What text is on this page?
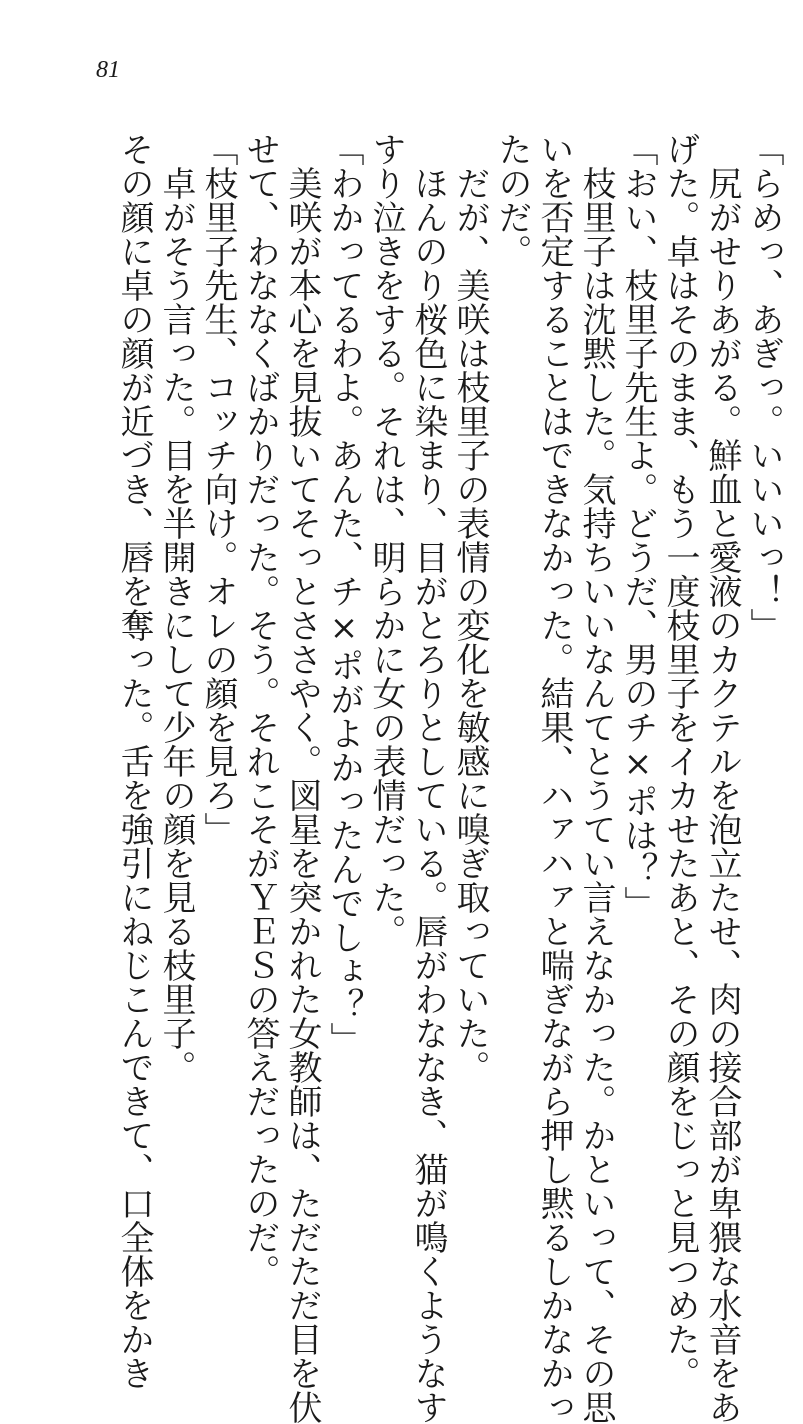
81

「らめっ、あぎっ。いいいっ！」

　尻がせりあがる。鮮血と愛液のカクテルを泡立たせ、肉の接合部が卑猥な水音をあ

げた。卓はそのまま、もう一度枝里子をイカせたあと、その顔をじっと見つめた。

「おい、枝里子先生よ。どうだ、男のチ×ポは？」

　枝里子は沈黙した。気持ちいいなんてとうてい言えなかった。かといって、その思

いを否定することはできなかった。結果、ハァハァと喘ぎながら押し黙るしかなかっ

たのだ。

　だが、美咲は枝里子の表情の変化を敏感に嗅ぎ取っていた。

　ほんのり桜色に染まり、目がとろりとしている。唇がわななき、猫が鳴くようなす

すり泣きをする。それは、明らかに女の表情だった。

「わかってるわよ。あんた、チ×ポがよかったんでしょ？」

　美咲が本心を見抜いてそっとささやく。図星を突かれた女教師は、ただただ目を伏

せて、わななくばかりだった。そう。それこそがＹＥＳの答えだったのだ。

「枝里子先生、コッチ向け。オレの顔を見ろ」

　卓がそう言った。目を半開きにして少年の顔を見る枝里子。

その顔に卓の顔が近づき、唇を奪った。舌を強引にねじこんできて、口全体をかき
